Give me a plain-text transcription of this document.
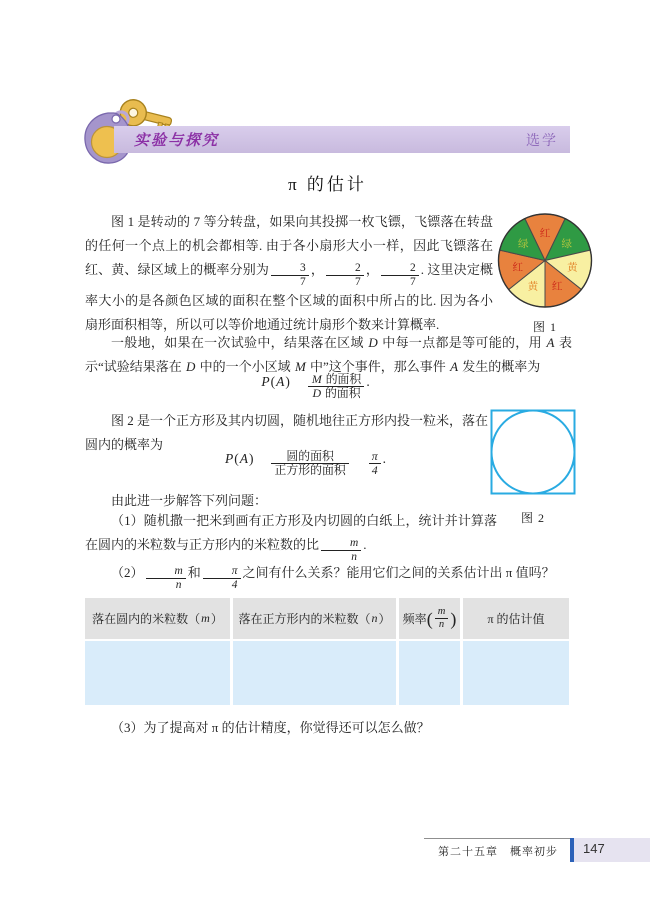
实验与探究	选学
π 的估计
图 1 是转动的 7 等分转盘，如果向其投掷一枚飞镖，飞镖落在转盘的任何一个点上的机会都相等. 由于各小扇形大小一样，因此飞镖落在红、黄、绿区域上的概率分别为 $\frac{3}{7}$ ， $\frac{2}{7}$ ， $\frac{2}{7}$ . 这里决定概率大小的是各颜色区域的面积在整个区域的面积中所占的比. 因为各小扇形面积相等，所以可以等价地通过统计扇形个数来计算概率.
红
绿
黄
红
黄
红
绿
图 1
一般地，如果在一次试验中，结果落在区域 D 中每一点都是等可能的，用 A 表示“试验结果落在 D 中的一个小区域 M 中”这个事件，那么事件 A 发生的概率为
$P(A) \frac{\text{M 的面积}}{\text{D 的面积}}$ .
图 2 是一个正方形及其内切圆，随机地往正方形内投一粒米，落在圆内的概率为
图 2
$P(A) \frac{\text{圆的面积}}{\text{正方形的面积}} \frac{\pi}{4}$ .
由此进一步解答下列问题：
（1）随机撒一把米到画有正方形及内切圆的白纸上，统计并计算落在圆内的米粒数与正方形内的米粒数的比 $\frac{m}{n}$ .
$(2) \frac{m}{n}$ 和 $\frac{\pi}{4}$ 之间有什么关系？能用它们之间的关系估计出 π 值吗？
落在圆内的米粒数（ m ） 落在正方形内的米粒数（ n ） 频率 ( $\frac{m}{n}$ )	π 的估计值
（3）为了提高对 π 的估计精度，你觉得还可以怎么做？
第二十五章　概率初步	147
